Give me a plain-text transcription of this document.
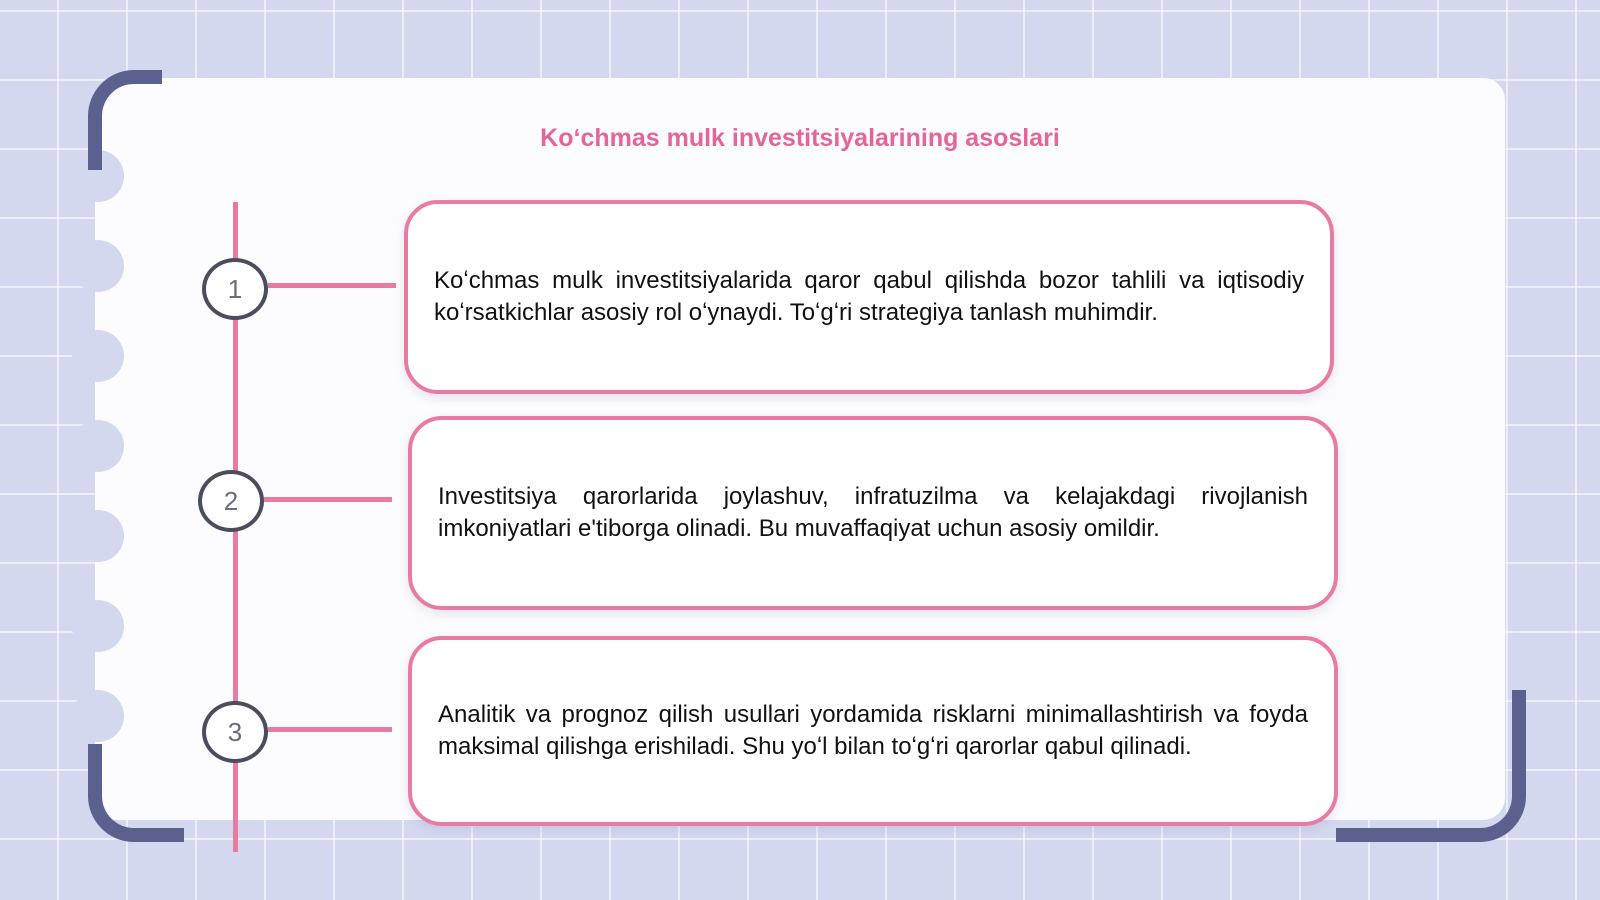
Koʻchmas mulk investitsiyalarining asoslari
1	Koʻchmas mulk investitsiyalarida qaror qabul qilishda bozor tahlili va iqtisodiy koʻrsatkichlar asosiy rol oʻynaydi. Toʻgʻri strategiya tanlash muhimdir.

2	Investitsiya qarorlarida joylashuv, infratuzilma va kelajakdagi rivojlanish imkoniyatlari e'tiborga olinadi. Bu muvaffaqiyat uchun asosiy omildir.

3

Analitik va prognoz qilish usullari yordamida risklarni minimallashtirish va foyda maksimal qilishga erishiladi. Shu yoʻl bilan toʻgʻri qarorlar qabul qilinadi.
